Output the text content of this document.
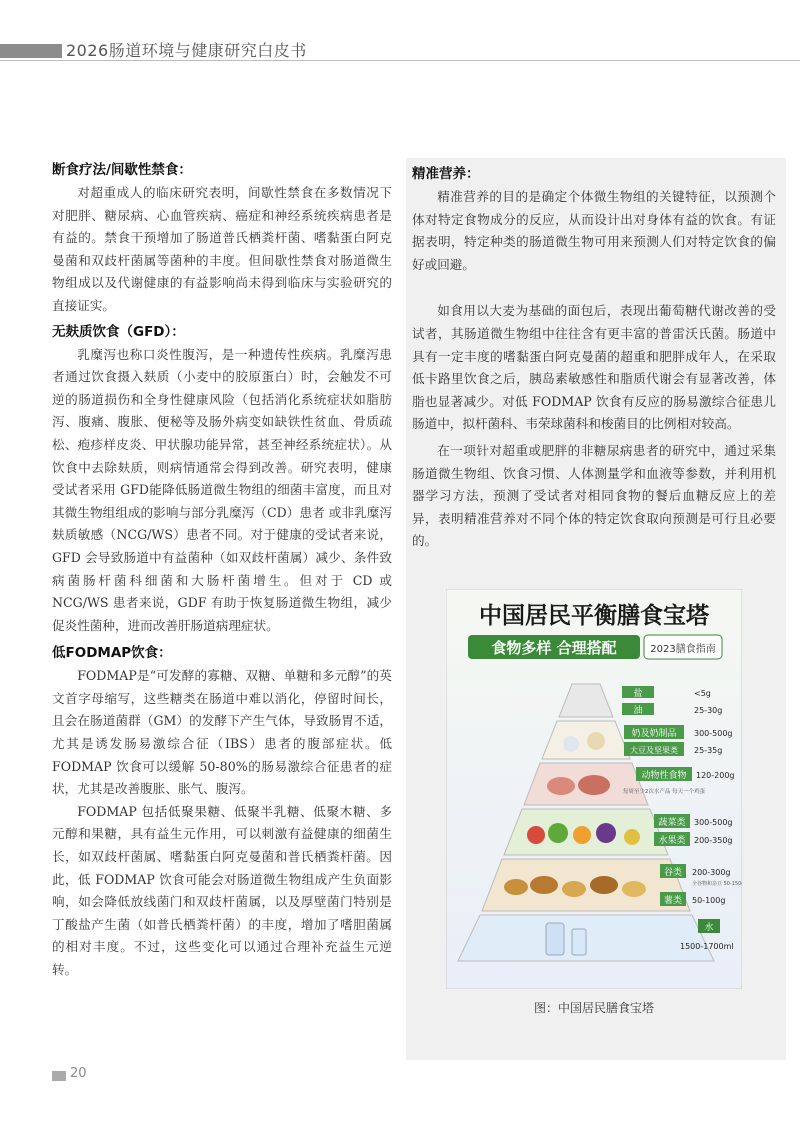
2026肠道环境与健康研究白皮书
断食疗法/间歇性禁食：

对超重成人的临床研究表明，间歇性禁食在多数情况下对肥胖、糖尿病、心血管疾病、癌症和神经系统疾病患者是有益的。禁食干预增加了肠道普氏栖粪杆菌、嗜黏蛋白阿克曼菌和双歧杆菌属等菌种的丰度。但间歇性禁食对肠道微生物组成以及代谢健康的有益影响尚未得到临床与实验研究的直接证实。

无麸质饮食（GFD）：

乳糜泻也称口炎性腹泻，是一种遗传性疾病。乳糜泻患者通过饮食摄入麸质（小麦中的胶原蛋白）时，会触发不可逆的肠道损伤和全身性健康风险（包括消化系统症状如脂肪泻、腹痛、腹胀、便秘等及肠外病变如缺铁性贫血、骨质疏松、疱疹样皮炎、甲状腺功能异常，甚至神经系统症状）。从饮食中去除麸质，则病情通常会得到改善。研究表明，健康受试者采用 GFD能降低肠道微生物组的细菌丰富度，而且对其微生物组组成的影响与部分乳糜泻（CD）患者 或非乳糜泻麸质敏感（NCG/WS）患者不同。对于健康的受试者来说，GFD 会导致肠道中有益菌种（如双歧杆菌属）减少、条件致病菌肠杆菌科细菌和大肠杆菌增生。但对于 CD 或 NCG/WS 患者来说，GDF 有助于恢复肠道微生物组，减少促炎性菌种，进而改善肝肠道病理症状。

低FODMAP饮食：

FODMAP是“可发酵的寡糖、双糖、单糖和多元醇”的英文首字母缩写，这些糖类在肠道中难以消化，停留时间长，且会在肠道菌群（GM）的发酵下产生气体，导致肠胃不适，尤其是诱发肠易激综合征（IBS）患者的腹部症状。低 FODMAP 饮食可以缓解 50-80%的肠易激综合征患者的症状，尤其是改善腹胀、胀气、腹泻。

FODMAP 包括低聚果糖、低聚半乳糖、低聚木糖、多元醇和果糖，具有益生元作用，可以刺激有益健康的细菌生长，如双歧杆菌属、嗜黏蛋白阿克曼菌和普氏栖粪杆菌。因此，低 FODMAP 饮食可能会对肠道微生物组成产生负面影响，如会降低放线菌门和双歧杆菌属，以及厚壁菌门特别是丁酸盐产生菌（如普氏栖粪杆菌）的丰度，增加了嗜胆菌属的相对丰度。不过，这些变化可以通过合理补充益生元逆转。

精准营养：

精准营养的目的是确定个体微生物组的关键特征，以预测个体对特定食物成分的反应，从而设计出对身体有益的饮食。有证据表明，特定种类的肠道微生物可用来预测人们对特定饮食的偏好或回避。

如食用以大麦为基础的面包后，表现出葡萄糖代谢改善的受试者，其肠道微生物组中往往含有更丰富的普雷沃氏菌。肠道中具有一定丰度的嗜黏蛋白阿克曼菌的超重和肥胖成年人，在采取低卡路里饮食之后，胰岛素敏感性和脂质代谢会有显著改善，体脂也显著减少。对低 FODMAP 饮食有反应的肠易激综合征患儿肠道中，拟杆菌科、韦荣球菌科和梭菌目的比例相对较高。

在一项针对超重或肥胖的非糖尿病患者的研究中，通过采集肠道微生物组、饮食习惯、人体测量学和血液等参数，并利用机器学习方法，预测了受试者对相同食物的餐后血糖反应上的差异，表明精准营养对不同个体的特定饮食取向预测是可行且必要的。

中国居民平衡膳食宝塔
食物多样 合理搭配	2023膳食指南
盐	<5g
油	25-30g
奶及奶制品 300-500g
大豆及坚果类 25-35g
动物性食物 120-200g
每周至少2次水产品 每天一个鸡蛋
蔬菜类 300-500g
水果类 200-350g
谷类 200-300g
全谷物和杂豆 50-150g
薯类 50-100g
水
1500-1700ml
图：中国居民膳食宝塔
20
